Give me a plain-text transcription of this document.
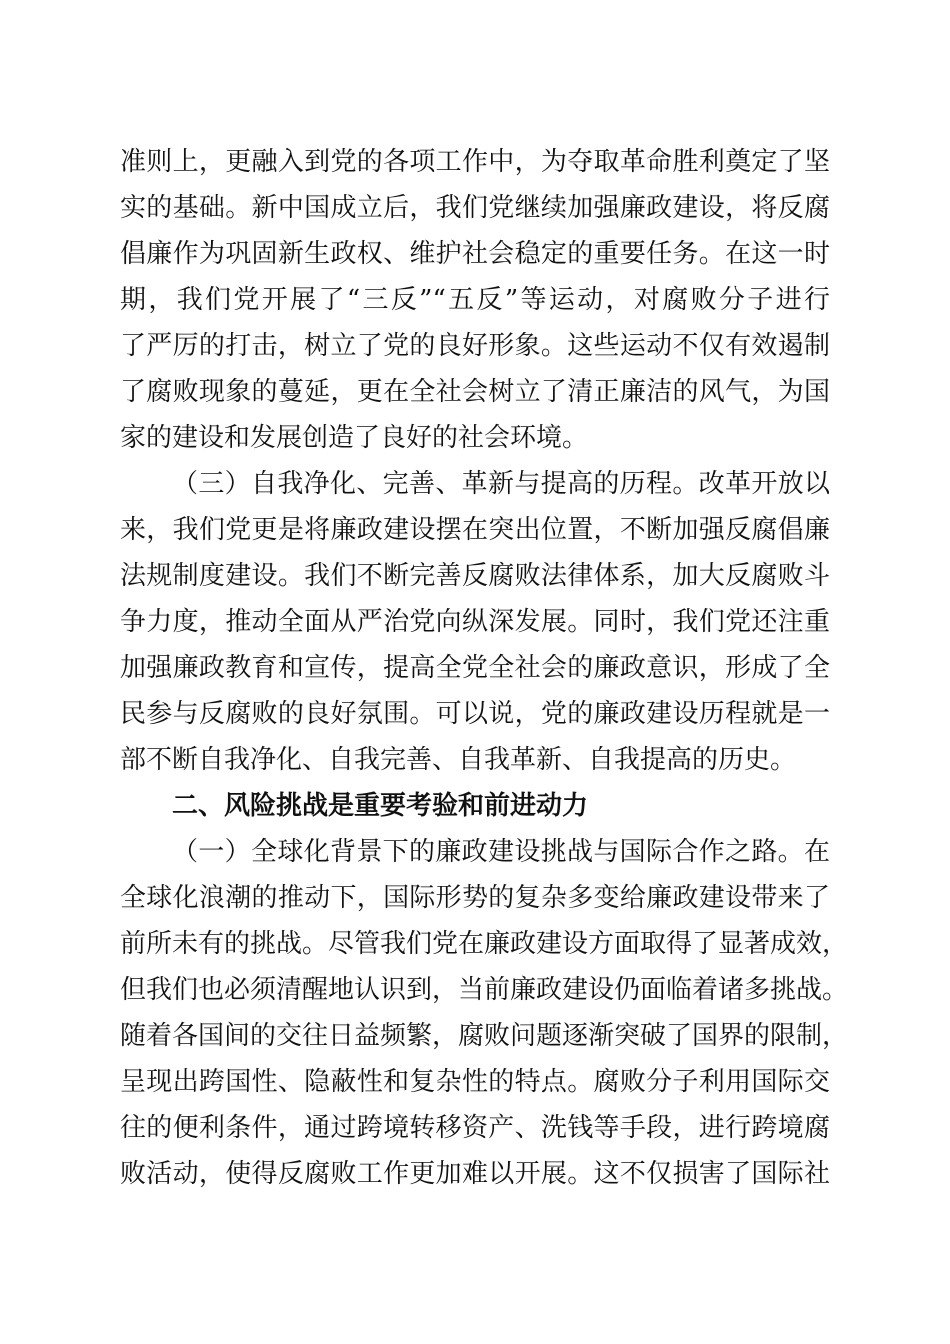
准则上，更融入到党的各项工作中，为夺取革命胜利奠定了坚
实的基础。新中国成立后，我们党继续加强廉政建设，将反腐
倡廉作为巩固新生政权、维护社会稳定的重要任务。在这一时
期，我们党开展了“三反”“五反”等运动，对腐败分子进行
了严厉的打击，树立了党的良好形象。这些运动不仅有效遏制
了腐败现象的蔓延，更在全社会树立了清正廉洁的风气，为国
家的建设和发展创造了良好的社会环境。
（三）自我净化、完善、革新与提高的历程。改革开放以
来，我们党更是将廉政建设摆在突出位置，不断加强反腐倡廉
法规制度建设。我们不断完善反腐败法律体系，加大反腐败斗
争力度，推动全面从严治党向纵深发展。同时，我们党还注重
加强廉政教育和宣传，提高全党全社会的廉政意识，形成了全
民参与反腐败的良好氛围。可以说，党的廉政建设历程就是一
部不断自我净化、自我完善、自我革新、自我提高的历史。
二、风险挑战是重要考验和前进动力
（一）全球化背景下的廉政建设挑战与国际合作之路。在
全球化浪潮的推动下，国际形势的复杂多变给廉政建设带来了
前所未有的挑战。尽管我们党在廉政建设方面取得了显著成效，
但我们也必须清醒地认识到，当前廉政建设仍面临着诸多挑战。
随着各国间的交往日益频繁，腐败问题逐渐突破了国界的限制，
呈现出跨国性、隐蔽性和复杂性的特点。腐败分子利用国际交
往的便利条件，通过跨境转移资产、洗钱等手段，进行跨境腐
败活动，使得反腐败工作更加难以开展。这不仅损害了国际社
